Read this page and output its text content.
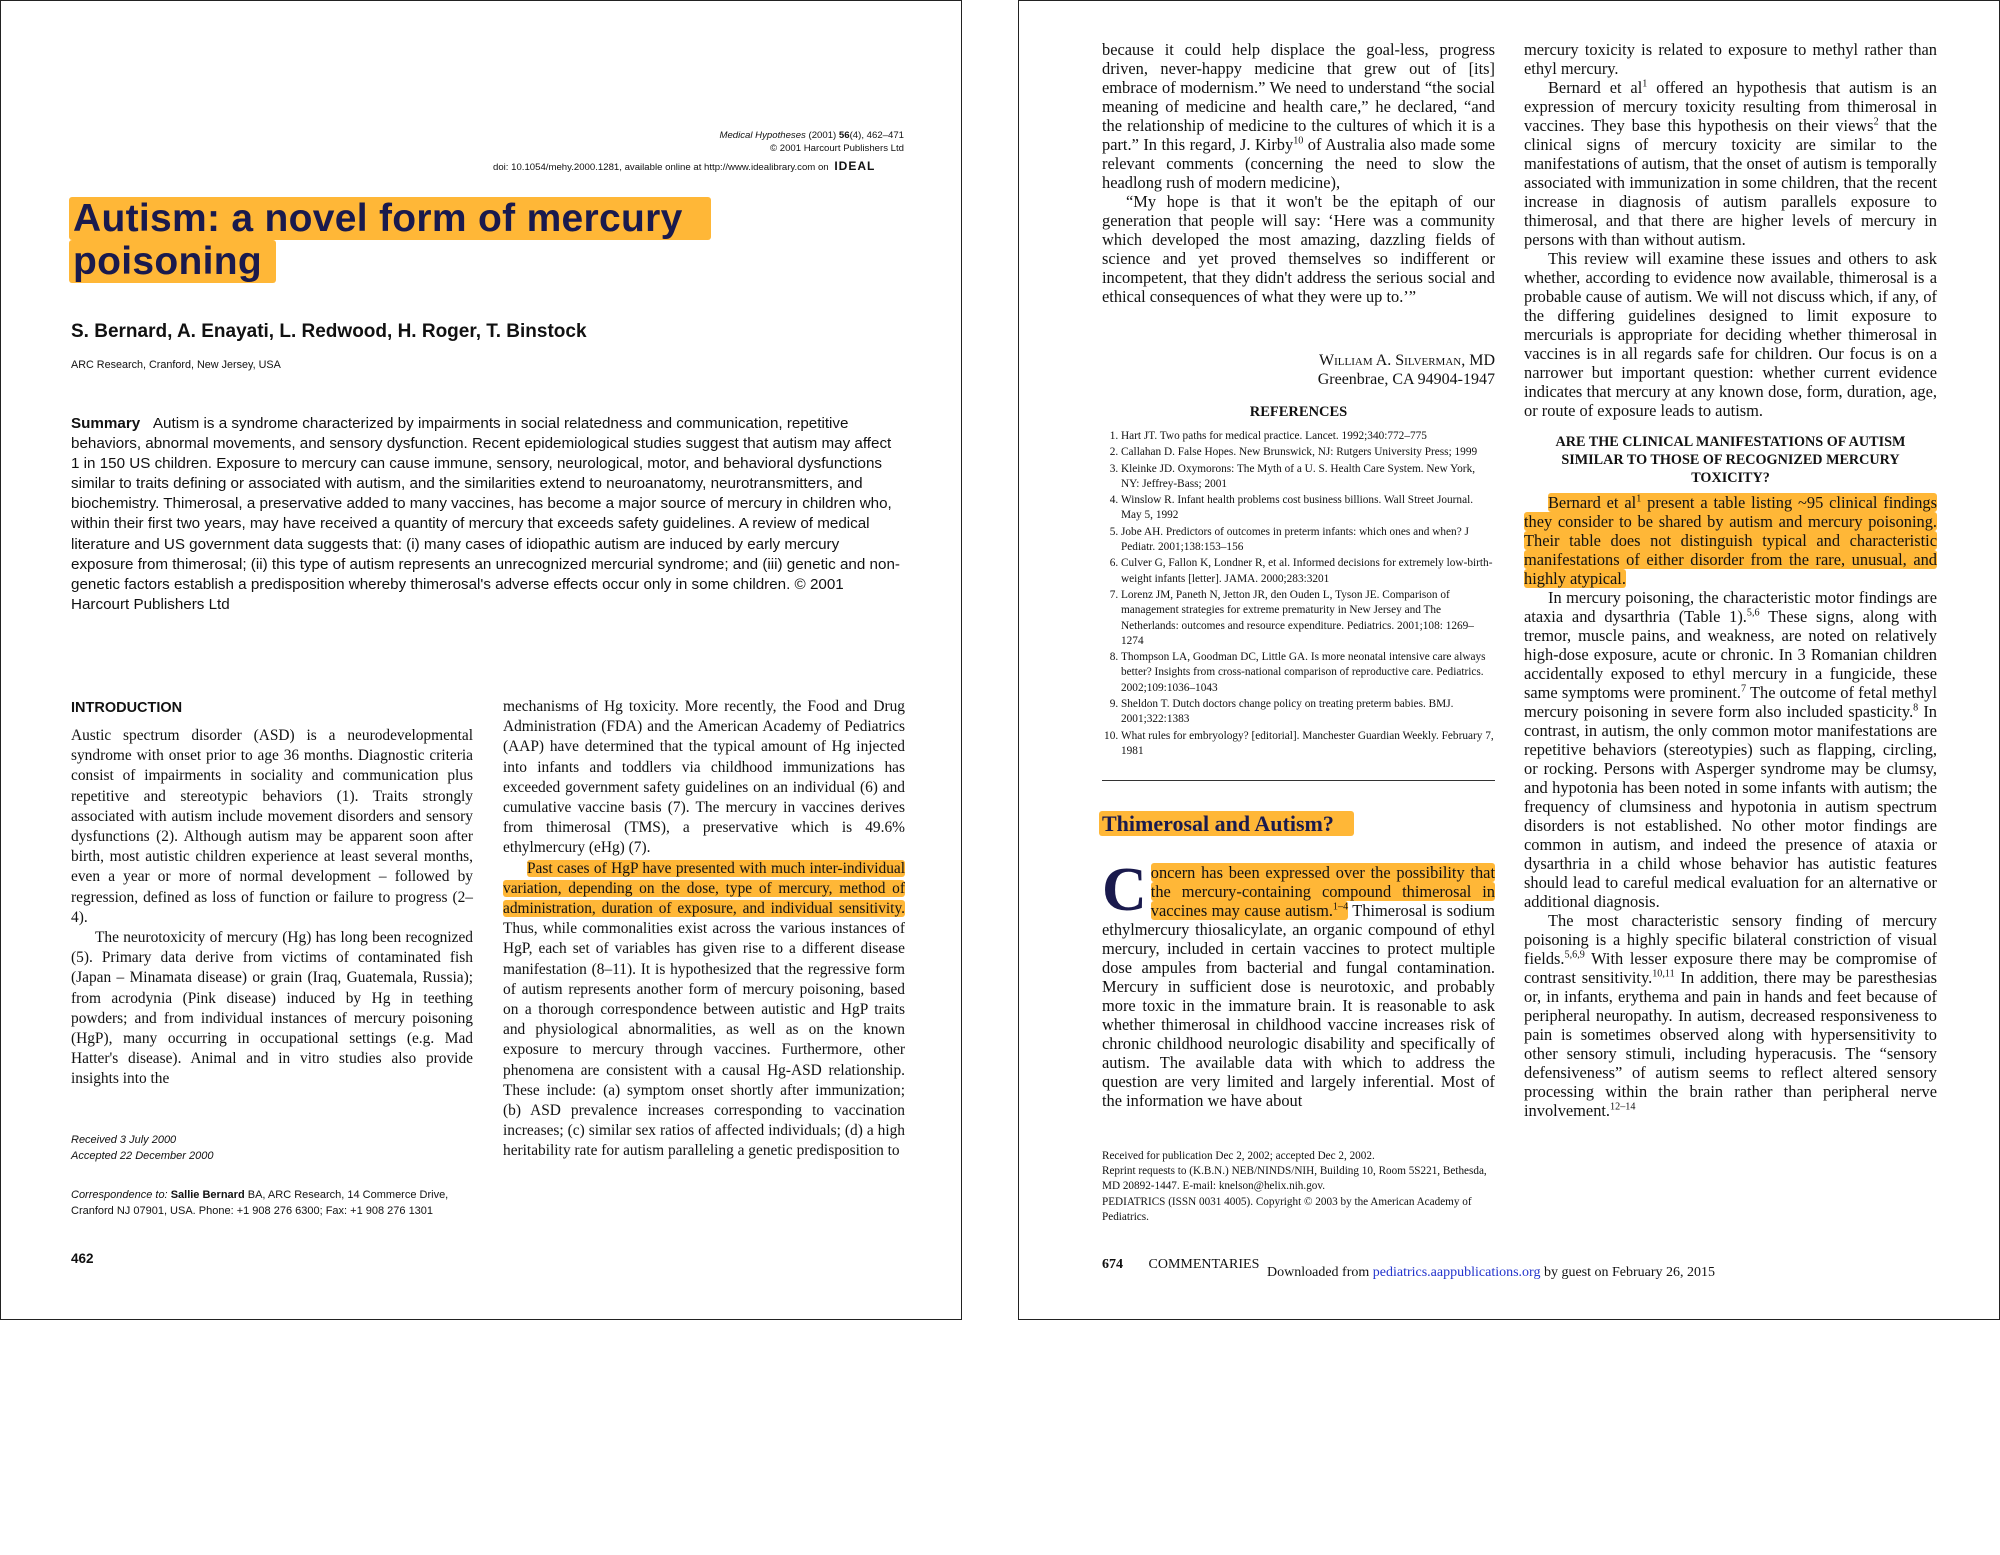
Medical Hypotheses (2001) 56(4), 462–471
© 2001 Harcourt Publishers Ltd
doi: 10.1054/mehy.2000.1281, available online at http://www.idealibrary.com on IDEAL
Autism: a novel form of mercury
poisoning
S. Bernard, A. Enayati, L. Redwood, H. Roger, T. Binstock
ARC Research, Cranford, New Jersey, USA
Summary Autism is a syndrome characterized by impairments in social relatedness and communication, repetitive behaviors, abnormal movements, and sensory dysfunction. Recent epidemiological studies suggest that autism may affect 1 in 150 US children. Exposure to mercury can cause immune, sensory, neurological, motor, and behavioral dysfunctions similar to traits defining or associated with autism, and the similarities extend to neuroanatomy, neurotransmitters, and biochemistry. Thimerosal, a preservative added to many vaccines, has become a major source of mercury in children who, within their first two years, may have received a quantity of mercury that exceeds safety guidelines. A review of medical literature and US government data suggests that: (i) many cases of idiopathic autism are induced by early mercury exposure from thimerosal; (ii) this type of autism represents an unrecognized mercurial syndrome; and (iii) genetic and non-genetic factors establish a predisposition whereby thimerosal's adverse effects occur only in some children. © 2001 Harcourt Publishers Ltd
INTRODUCTION

Austic spectrum disorder (ASD) is a neurodevelopmental syndrome with onset prior to age 36 months. Diagnostic criteria consist of impairments in sociality and communication plus repetitive and stereotypic behaviors (1). Traits strongly associated with autism include movement disorders and sensory dysfunctions (2). Although autism may be apparent soon after birth, most autistic children experience at least several months, even a year or more of normal development – followed by regression, defined as loss of function or failure to progress (2–4).

The neurotoxicity of mercury (Hg) has long been recognized (5). Primary data derive from victims of contaminated fish (Japan – Minamata disease) or grain (Iraq, Guatemala, Russia); from acrodynia (Pink disease) induced by Hg in teething powders; and from individual instances of mercury poisoning (HgP), many occurring in occupational settings (e.g. Mad Hatter's disease). Animal and in vitro studies also provide insights into the

Received 3 July 2000
Accepted 22 December 2000
Correspondence to: Sallie Bernard BA, ARC Research, 14 Commerce Drive, Cranford NJ 07901, USA. Phone: +1 908 276 6300; Fax: +1 908 276 1301

mechanisms of Hg toxicity. More recently, the Food and Drug Administration (FDA) and the American Academy of Pediatrics (AAP) have determined that the typical amount of Hg injected into infants and toddlers via childhood immunizations has exceeded government safety guidelines on an individual (6) and cumulative vaccine basis (7). The mercury in vaccines derives from thimerosal (TMS), a preservative which is 49.6% ethylmercury (eHg) (7).

Past cases of HgP have presented with much inter-individual variation, depending on the dose, type of mercury, method of administration, duration of exposure, and individual sensitivity. Thus, while commonalities exist across the various instances of HgP, each set of variables has given rise to a different disease manifestation (8–11). It is hypothesized that the regressive form of autism represents another form of mercury poisoning, based on a thorough correspondence between autistic and HgP traits and physiological abnormalities, as well as on the known exposure to mercury through vaccines. Furthermore, other phenomena are consistent with a causal Hg-ASD relationship. These include: (a) symptom onset shortly after immunization; (b) ASD prevalence increases corresponding to vaccination increases; (c) similar sex ratios of affected individuals; (d) a high heritability rate for autism paralleling a genetic predisposition to

462

because it could help displace the goal-less, progress driven, never-happy medicine that grew out of [its] embrace of modernism.” We need to understand “the social meaning of medicine and health care,” he declared, “and the relationship of medicine to the cultures of which it is a part.” In this regard, J. Kirby$^{10}$ of Australia also made some relevant comments (concerning the need to slow the headlong rush of modern medicine),

“My hope is that it won't be the epitaph of our generation that people will say: ‘Here was a community which developed the most amazing, dazzling fields of science and yet proved themselves so indifferent or incompetent, that they didn't address the serious social and ethical consequences of what they were up to.’”

William A. Silverman, MD
Greenbrae, CA 94904-1947
REFERENCES
1. Hart JT. Two paths for medical practice. Lancet. 1992;340:772–775
2. Callahan D. False Hopes. New Brunswick, NJ: Rutgers University Press; 1999
3. Kleinke JD. Oxymorons: The Myth of a U. S. Health Care System. New York, NY: Jeffrey-Bass; 2001
4. Winslow R. Infant health problems cost business billions. Wall Street Journal. May 5, 1992
5. Jobe AH. Predictors of outcomes in preterm infants: which ones and when? J Pediatr. 2001;138:153–156
6. Culver G, Fallon K, Londner R, et al. Informed decisions for extremely low-birth-weight infants [letter]. JAMA. 2000;283:3201
7. Lorenz JM, Paneth N, Jetton JR, den Ouden L, Tyson JE. Comparison of management strategies for extreme prematurity in New Jersey and The Netherlands: outcomes and resource expenditure. Pediatrics. 2001;108: 1269–1274
8. Thompson LA, Goodman DC, Little GA. Is more neonatal intensive care always better? Insights from cross-national comparison of reproductive care. Pediatrics. 2002;109:1036–1043
9. Sheldon T. Dutch doctors change policy on treating preterm babies. BMJ. 2001;322:1383
10. What rules for embryology? [editorial]. Manchester Guardian Weekly. February 7, 1981
Thimerosal and Autism?

Concern has been expressed over the possibility that the mercury-containing compound thimerosal in vaccines may cause autism.$^{1-4}$ Thimerosal is sodium ethylmercury thiosalicylate, an organic compound of ethyl mercury, included in certain vaccines to protect multiple dose ampules from bacterial and fungal contamination. Mercury in sufficient dose is neurotoxic, and probably more toxic in the immature brain. It is reasonable to ask whether thimerosal in childhood vaccine increases risk of chronic childhood neurologic disability and specifically of autism. The available data with which to address the question are very limited and largely inferential. Most of the information we have about

Received for publication Dec 2, 2002; accepted Dec 2, 2002.
Reprint requests to (K.B.N.) NEB/NINDS/NIH, Building 10, Room 5S221, Bethesda, MD 20892-1447. E-mail: knelson@helix.nih.gov.
PEDIATRICS (ISSN 0031 4005). Copyright © 2003 by the American Academy of Pediatrics.

mercury toxicity is related to exposure to methyl rather than ethyl mercury.

Bernard et $al^1$ offered an hypothesis that autism is an expression of mercury toxicity resulting from thimerosal in vaccines. They base this hypothesis on their views$^2$ that the clinical signs of mercury toxicity are similar to the manifestations of autism, that the onset of autism is temporally associated with immunization in some children, that the recent increase in diagnosis of autism parallels exposure to thimerosal, and that there are higher levels of mercury in persons with than without autism.

This review will examine these issues and others to ask whether, according to evidence now available, thimerosal is a probable cause of autism. We will not discuss which, if any, of the differing guidelines designed to limit exposure to mercurials is appropriate for deciding whether thimerosal in vaccines is in all regards safe for children. Our focus is on a narrower but important question: whether current evidence indicates that mercury at any known dose, form, duration, age, or route of exposure leads to autism.

ARE THE CLINICAL MANIFESTATIONS OF AUTISM SIMILAR TO THOSE OF RECOGNIZED MERCURY TOXICITY?

Bernard et $al^1$ present a table listing ~95 clinical findings they consider to be shared by autism and mercury poisoning. Their table does not distinguish typical and characteristic manifestations of either disorder from the rare, unusual, and highly atypical.

In mercury poisoning, the characteristic motor findings are ataxia and dysarthria (Table 1).$^{5,6}$ These signs, along with tremor, muscle pains, and weakness, are noted on relatively high-dose exposure, acute or chronic. In 3 Romanian children accidentally exposed to ethyl mercury in a fungicide, these same symptoms were prominent.$^7$ The outcome of fetal methyl mercury poisoning in severe form also included spasticity.$^8$ In contrast, in autism, the only common motor manifestations are repetitive behaviors (stereotypies) such as flapping, circling, or rocking. Persons with Asperger syndrome may be clumsy, and hypotonia has been noted in some infants with autism; the frequency of clumsiness and hypotonia in autism spectrum disorders is not established. No other motor findings are common in autism, and indeed the presence of ataxia or dysarthria in a child whose behavior has autistic features should lead to careful medical evaluation for an alternative or additional diagnosis.

The most characteristic sensory finding of mercury poisoning is a highly specific bilateral constriction of visual fields.$^{5,6,9}$ With lesser exposure there may be compromise of contrast sensitivity.$^{10,11}$ In addition, there may be paresthesias or, in infants, erythema and pain in hands and feet because of peripheral neuropathy. In autism, decreased responsiveness to pain is sometimes observed along with hypersensitivity to other sensory stimuli, including hyperacusis. The “sensory defensiveness” of autism seems to reflect altered sensory processing within the brain rather than peripheral nerve involvement.$^{12-14}$

674 COMMENTARIES
Downloaded from pediatrics.aappublications.org by guest on February 26, 2015
